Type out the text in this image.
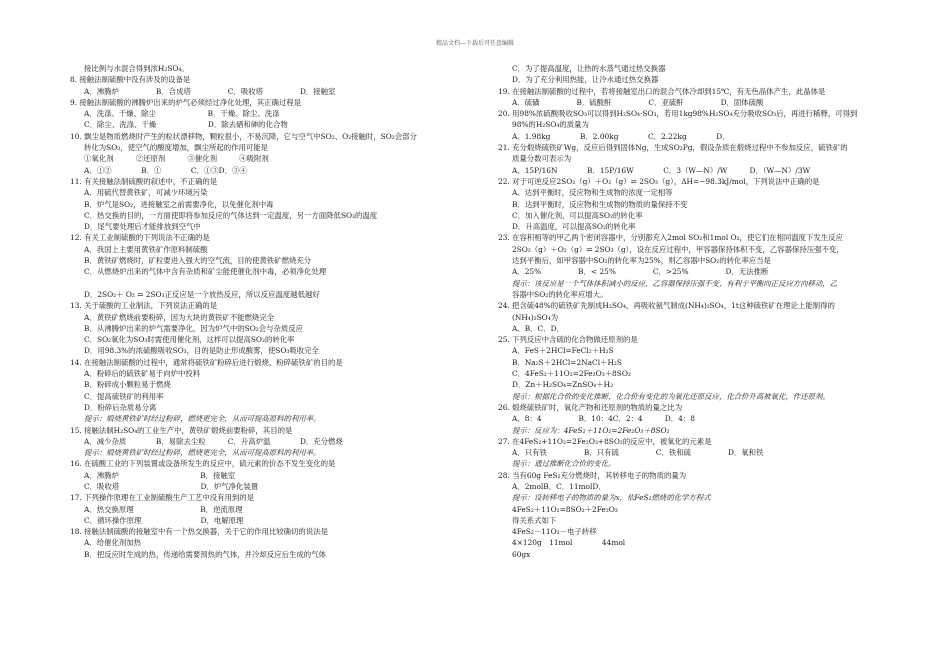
精品文档---下载后可任意编辑
接比例与水混合得到浓H₂SO₄。
8. 接触法制硫酸中没有涉及的设备是
A．沸腾炉　　　　　B．合成塔　　　　　C．吸收塔　　　　　D．接触室
9. 接触法制硫酸的沸腾炉出来的炉气必须经过净化处理，其正确过程是
A．洗涤、干燥、除尘　　　　　　　B．干燥、除尘、洗涤
C．除尘、洗涤、干燥　　　　　　　D．除去硒和砷的化合物
10. 飘尘是物质燃烧时产生的粒状漂移物，颗粒很小，不易沉降，它与空气中SO₂、O₂接触时，SO₂会部分
转化为SO₃，使空气的酸度增加，飘尘所起的作用可能是
①氧化剂　　　②还原剂　　　③催化剂　　　④吸附剂
A．①②　　　　B．①　　　　C．①③D．③④
11. 有关接触法制硫酸的叙述中，不正确的是
A．用硫代替黄铁矿，可减少环境污染
B．炉气是SO₂，进接触室之前需要净化，以免催化剂中毒
C．热交换的目的，一方面使即将参加反应的气体达到一定温度，另一方面降低SO₃的温度
D．尾气要处理后才能排放到空气中
12. 有关工业制硫酸的下列说法不正确的是
A．我国上主要用黄铁矿作原料制硫酸
B．黄铁矿燃烧时，矿粒要进入强大的空气流，目的使黄铁矿燃烧充分
C．从燃烧炉出来的气体中含有杂质和矿尘能使催化剂中毒，必须净化处理
D．2SO₂＋ O₂ ⇌ 2SO₃正反应是一个放热反应，所以反应温度越低越好
13. 关于硫酸的工业制法，下列说法正确的是
A．黄铁矿燃烧前要粉碎，因为大块的黄铁矿不能燃烧完全
B．从沸腾炉出来的炉气需要净化，因为炉气中的SO₂会与杂质反应
C．SO₂氧化为SO₃时需使用催化剂，这样可以提高SO₂的转化率
D．用98.3%的浓硫酸吸收SO₃，目的是防止形成酸雾，使SO₃吸收完全
14. 在接触法制硫酸的过程中，通常将硫铁矿粉碎后进行煅烧，粉碎硫铁矿的目的是
A．粉碎后的硫铁矿易于向炉中投料
B．粉碎成小颗粒易于燃烧
C．提高硫铁矿的利用率
D．粉碎后杂质易分离
提示：煅烧黄铁矿时经过粉碎，燃烧更完全，从而可提高原料的利用率。
15. 接触法制H₂SO₄的工业生产中，黄铁矿煅烧前要粉碎，其目的是
A．减少杂质　　　　B．易除去尘粒　　　C．升高炉温　　　　D．充分燃烧
提示：煅烧黄铁矿时经过粉碎，燃烧更完全，从而可提高原料的利用率。
16. 在硫酸工业的下列装置或设备所发生的反应中，硫元素的价态不发生变化的是
A．沸腾炉　　　　　　　　　　　B．接触室
C．吸收塔　　　　　　　　　　　D．炉气净化装置
17. 下列操作原理在工业制硫酸生产工艺中没有用到的是
A．热交换原理　　　　　　　　　B．逆流原理
C．循环操作原理　　　　　　　　D．电解原理
18. 接触法制硫酸的接触室中有一个热交换器，关于它的作用比较确切的说法是
A．给催化剂加热
B．把反应时生成的热，传递给需要预热的气体，并冷却反应后生成的气体
C．为了提高温度，让热的水蒸气通过热交换器
D．为了充分利用热能，让冷水通过热交换器
19. 在接触法制硫酸的过程中，若将接触室出口的混合气体冷却到15℃，有无色晶体产生，此晶体是
A．硫磺　　　　　B．硫酸酐　　　　　C．亚硫酐　　　　　D．固体硫酸
20. 用98%浓硫酸吸收SO₃可以得到H₂SO₄·SO₃，若用1kg98%H₂SO₄充分吸收SO₃后，再进行稀释，可得到
98%的H₂SO₄的质量为
A．1.98kg　　　　B．2.00kg　　　　C．2.22kg　　　　D．
21. 充分煅烧硫铁矿Wg，反应后得到固体Ng，生成SO₂Pg，假设杂质在煅烧过程中不参加反应，硫铁矿的
质量分数可表示为
A．15P/16N　　　　B．15P/16W　　　　C．3（W—N）/W　　　D．（W—N）/3W
22. 对于可逆反应2SO₂（g）＋O₂（g）⇌ 2SO₃（g），ΔH=−98.3kJ/mol，下列说法中正确的是
A．达到平衡时，反应物和生成物的浓度一定相等
B．达到平衡时，反应物和生成物的物质的量保持不变
C．加入催化剂，可以提高SO₂的转化率
D．升高温度，可以提高SO₂的转化率
23. 在容积相等的甲乙两个密闭容器中，分别都充入2mol SO₂和1mol O₂，使它们在相同温度下发生反应
2SO₂（g）＋O₂（g）⇌ 2SO₃（g），设在反应过程中，甲容器保持体积不变，乙容器保持压强不变，
达到平衡后，如甲容器中SO₂的转化率为25%，则乙容器中SO₂的转化率应当是
A．25%　　　　　B．< 25%　　　　　C．>25%　　　　　D．无法推断
提示：该反应是一个气体体积减小的反应，乙容器保持压强不变，有利于平衡向正反应方向移动，乙
容器中SO₂的转化率应增大。
24. 把含硫48%的硫铁矿先制成H₂SO₄，再吸收氨气制成(NH₄)₂SO₄，1t这种硫铁矿在理论上能制得的
(NH₄)₂SO₄为
A．B．C．D．
25. 下列反应中含硫的化合物做还原剂的是
A．FeS＋2HCl=FeCl₂＋H₂S
B．Na₂S＋2HCl=2NaCl＋H₂S
C．4FeS₂＋11O₂=2Fe₂O₃＋8SO₂
D．Zn＋H₂SO₄=ZnSO₄＋H₂
提示：根据化合价的变化推断，化合价有变化的为氧化还原反应，化合价升高被氧化，作还原剂。
26. 煅烧硫铁矿时，氧化产物和还原剂的物质的量之比为
A．8：4　　　　　B．10：4C．2：4　　　D．4：8
提示：反应为：4FeS₂＋11O₂=2Fe₂O₃＋8SO₂
27. 在4FeS₂+11O₂=2Fe₂O₃+8SO₂的反应中，被氧化的元素是
A．只有铁　　　　　B．只有硫　　　　　C．铁和硫　　　　　D．氧和铁
提示：通过推断化合价的变化。
28. 当有60g FeS₂充分燃烧时，其转移电子的物质的量为
A．2molB．C．11molD．
提示：设转移电子的物质的量为x，依FeS₂燃烧的化学方程式
4FeS₂＋11O₂=8SO₂＋2Fe₂O₃
得关系式如下
4FeS₂－11O₂－电子转移
4×120g　11mol　　　　44mol
60gx
